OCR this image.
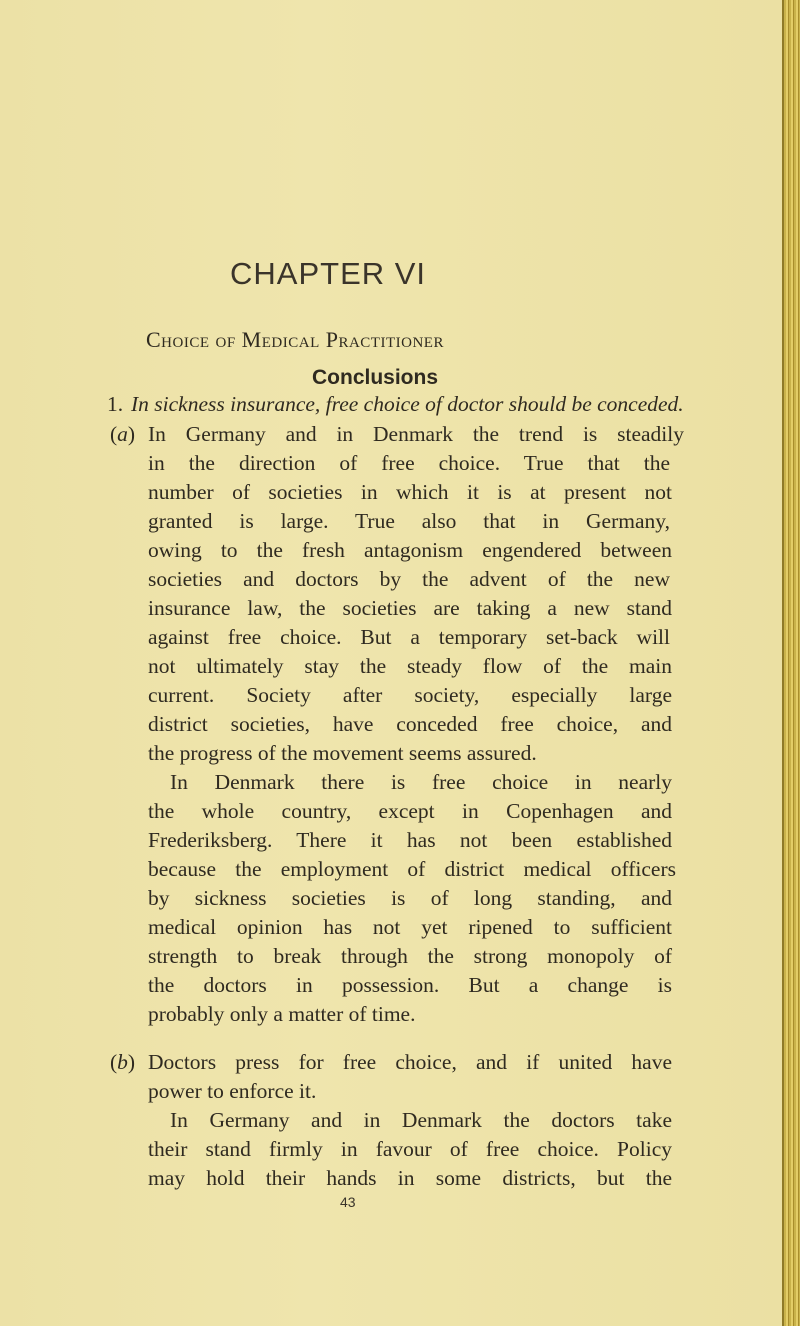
CHAPTER VI
Choice of Medical Practitioner
Conclusions
1. In sickness insurance, free choice of doctor should be conceded.
(a) In Germany and in Denmark the trend is steadily
in the direction of free choice. True that the
number of societies in which it is at present not
granted is large. True also that in Germany,
owing to the fresh antagonism engendered between
societies and doctors by the advent of the new
insurance law, the societies are taking a new stand
against free choice. But a temporary set-back will
not ultimately stay the steady flow of the main
current. Society after society, especially large
district societies, have conceded free choice, and
the progress of the movement seems assured.
In Denmark there is free choice in nearly
the whole country, except in Copenhagen and
Frederiksberg. There it has not been established
because the employment of district medical officers
by sickness societies is of long standing, and
medical opinion has not yet ripened to sufficient
strength to break through the strong monopoly of
the doctors in possession. But a change is
probably only a matter of time.
(b) Doctors press for free choice, and if united have
power to enforce it.
In Germany and in Denmark the doctors take
their stand firmly in favour of free choice. Policy
may hold their hands in some districts, but the
43
